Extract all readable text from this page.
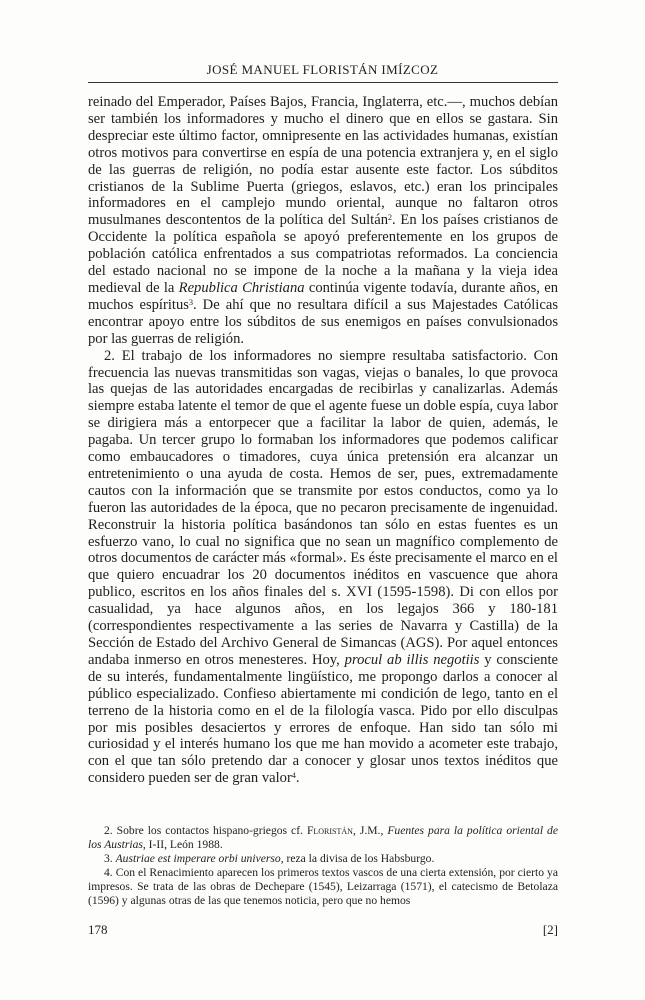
JOSÉ MANUEL FLORISTÁN IMÍZCOZ

reinado del Emperador, Países Bajos, Francia, Inglaterra, etc.—, muchos debían ser también los informadores y mucho el dinero que en ellos se gastara. Sin despreciar este último factor, omnipresente en las actividades humanas, existían otros motivos para convertirse en espía de una potencia extranjera y, en el siglo de las guerras de religión, no podía estar ausente este factor. Los súbditos cristianos de la Sublime Puerta (griegos, eslavos, etc.) eran los principales informadores en el camplejo mundo oriental, aunque no faltaron otros musulmanes descontentos de la política del Sultán$^2$. En los países cristianos de Occidente la política española se apoyó preferentemente en los grupos de población católica enfrentados a sus compatriotas reformados. La conciencia del estado nacional no se impone de la noche a la mañana y la vieja idea medieval de la Republica Christiana continúa vigente todavía, durante años, en muchos espíritus$^3$. De ahí que no resultara difícil a sus Majestades Católicas encontrar apoyo entre los súbditos de sus enemigos en países convulsionados por las guerras de religión.

2. El trabajo de los informadores no siempre resultaba satisfactorio. Con frecuencia las nuevas transmitidas son vagas, viejas o banales, lo que provoca las quejas de las autoridades encargadas de recibirlas y canalizarlas. Además siempre estaba latente el temor de que el agente fuese un doble espía, cuya labor se dirigiera más a entorpecer que a facilitar la labor de quien, además, le pagaba. Un tercer grupo lo formaban los informadores que podemos calificar como embaucadores o timadores, cuya única pretensión era alcanzar un entretenimiento o una ayuda de costa. Hemos de ser, pues, extremadamente cautos con la información que se transmite por estos conductos, como ya lo fueron las autoridades de la época, que no pecaron precisamente de ingenuidad. Reconstruir la historia política basándonos tan sólo en estas fuentes es un esfuerzo vano, lo cual no significa que no sean un magnífico complemento de otros documentos de carácter más «formal». Es éste precisamente el marco en el que quiero encuadrar los 20 documentos inéditos en vascuence que ahora publico, escritos en los años finales del s. XVI (1595-1598). Di con ellos por casualidad, ya hace algunos años, en los legajos 366 y 180-181 (correspondientes respectivamente a las series de Navarra y Castilla) de la Sección de Estado del Archivo General de Simancas (AGS). Por aquel entonces andaba inmerso en otros menesteres. Hoy, procul ab illis negotiis y consciente de su interés, fundamentalmente lingüístico, me propongo darlos a conocer al público especializado. Confieso abiertamente mi condición de lego, tanto en el terreno de la historia como en el de la filología vasca. Pido por ello disculpas por mis posibles desaciertos y errores de enfoque. Han sido tan sólo mi curiosidad y el interés humano los que me han movido a acometer este trabajo, con el que tan sólo pretendo dar a conocer y glosar unos textos inéditos que considero pueden ser de gran valor$^4$.

2. Sobre los contactos hispano-griegos cf. Floristán, J.M., Fuentes para la política oriental de los Austrias, I-II, León 1988.

3. Austriae est imperare orbi universo, reza la divisa de los Habsburgo.

4. Con el Renacimiento aparecen los primeros textos vascos de una cierta extensión, por cierto ya impresos. Se trata de las obras de Dechepare (1545), Leizarraga (1571), el catecismo de Betolaza (1596) y algunas otras de las que tenemos noticia, pero que no hemos

178	[2]
